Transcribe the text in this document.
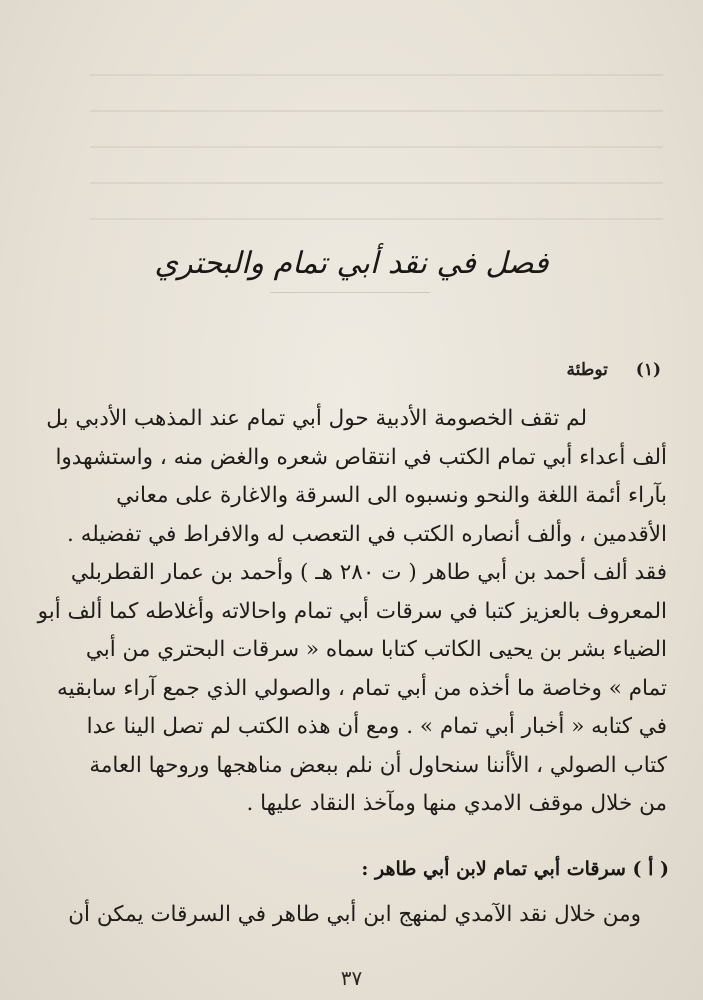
فصل في نقد أبي تمام والبحتري
(١) توطئة
لم تقف الخصومة الأدبية حول أبي تمام عند المذهب الأدبي بل
ألف أعداء أبي تمام الكتب في انتقاص شعره والغض منه ، واستشهدوا
بآراء أئمة اللغة والنحو ونسبوه الى السرقة والاغارة على معاني
الأقدمين ، وألف أنصاره الكتب في التعصب له والافراط في تفضيله .
فقد ألف أحمد بن أبي طاهر ( ت ٢٨٠ هـ ) وأحمد بن عمار القطربلي
المعروف بالعزيز كتبا في سرقات أبي تمام واحالاته وأغلاطه كما ألف أبو
الضياء بشر بن يحيى الكاتب كتابا سماه « سرقات البحتري من أبي
تمام » وخاصة ما أخذه من أبي تمام ، والصولي الذي جمع آراء سابقيه
في كتابه « أخبار أبي تمام » . ومع أن هذه الكتب لم تصل الينا عدا
كتاب الصولي ، الأأننا سنحاول أن نلم ببعض مناهجها وروحها العامة
من خلال موقف الامدي منها ومآخذ النقاد عليها .
( أ ) سرقات أبي تمام لابن أبي طاهر :
ومن خلال نقد الآمدي لمنهج ابن أبي طاهر في السرقات يمكن أن
٣٧
